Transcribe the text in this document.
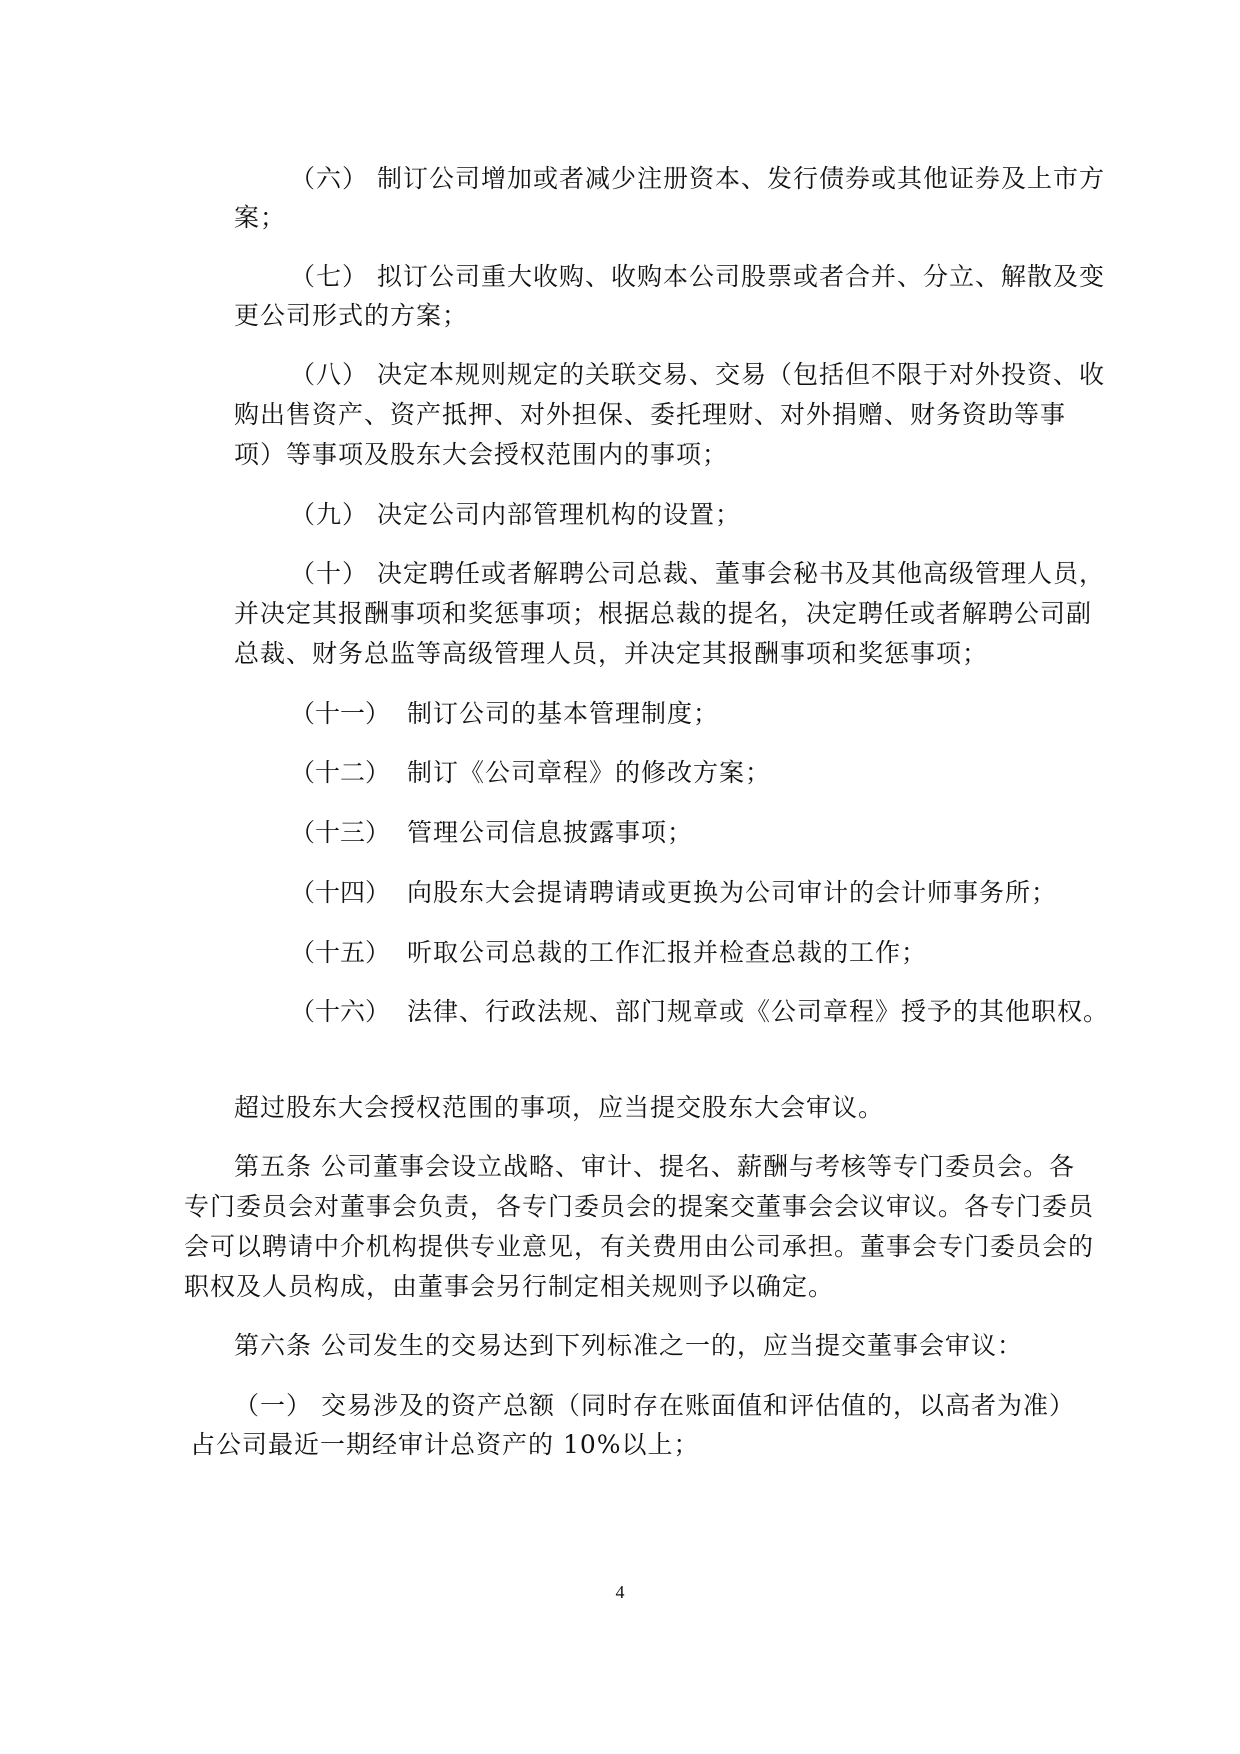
（六） 制订公司增加或者减少注册资本、发行债券或其他证券及上市方
案；
（七） 拟订公司重大收购、收购本公司股票或者合并、分立、解散及变
更公司形式的方案；
（八） 决定本规则规定的关联交易、交易（包括但不限于对外投资、收
购出售资产、资产抵押、对外担保、委托理财、对外捐赠、财务资助等事
项）等事项及股东大会授权范围内的事项；
（九） 决定公司内部管理机构的设置；
（十） 决定聘任或者解聘公司总裁、董事会秘书及其他高级管理人员，
并决定其报酬事项和奖惩事项；根据总裁的提名，决定聘任或者解聘公司副
总裁、财务总监等高级管理人员，并决定其报酬事项和奖惩事项；
（十一） 制订公司的基本管理制度；
（十二） 制订《公司章程》的修改方案；
（十三） 管理公司信息披露事项；
（十四） 向股东大会提请聘请或更换为公司审计的会计师事务所；
（十五） 听取公司总裁的工作汇报并检查总裁的工作；
（十六） 法律、行政法规、部门规章或《公司章程》授予的其他职权。
超过股东大会授权范围的事项，应当提交股东大会审议。
第五条 公司董事会设立战略、审计、提名、薪酬与考核等专门委员会。各
专门委员会对董事会负责，各专门委员会的提案交董事会会议审议。各专门委员
会可以聘请中介机构提供专业意见，有关费用由公司承担。董事会专门委员会的
职权及人员构成，由董事会另行制定相关规则予以确定。
第六条 公司发生的交易达到下列标准之一的，应当提交董事会审议：
（一） 交易涉及的资产总额（同时存在账面值和评估值的，以高者为准）
占公司最近一期经审计总资产的 10%以上；
4
